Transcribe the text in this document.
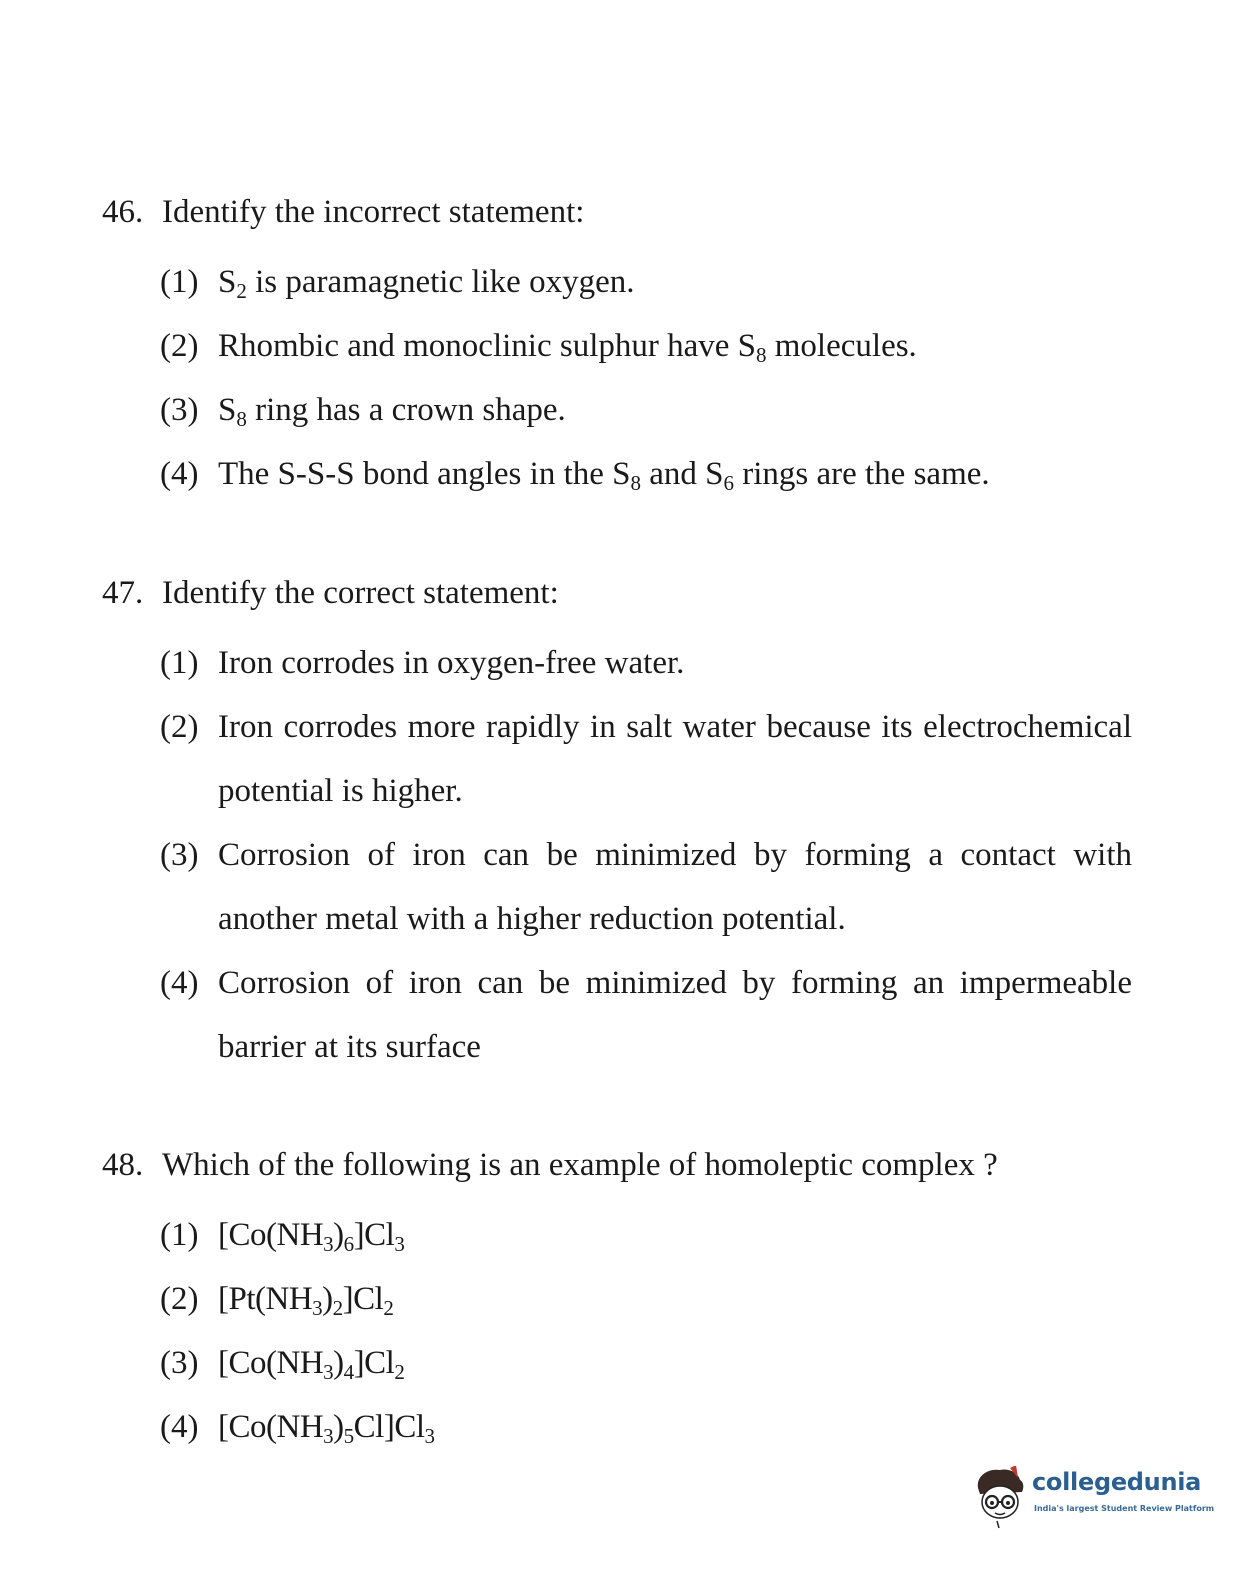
46. Identify the incorrect statement:
(1) $S_2$ is paramagnetic like oxygen.
(2) Rhombic and monoclinic sulphur have $S_8$ molecules.
(3) $S_8$ ring has a crown shape.
(4) The S-S-S bond angles in the $S_8$ and $S_6$ rings are the same.
47. Identify the correct statement:
(1) Iron corrodes in oxygen-free water.
(2) Iron corrodes more rapidly in salt water because its electrochemical potential is higher.
(3) Corrosion of iron can be minimized by forming a contact with another metal with a higher reduction potential.
(4) Corrosion of iron can be minimized by forming an impermeable barrier at its surface
48. Which of the following is an example of homoleptic complex ?
(1) $[Co(NH_3)_6]Cl_3$
(2) $[Pt(NH_3)_2]Cl_2$
(3) $[Co(NH_3)_4]Cl_2$
(4) $[Co(NH_3)_5Cl]Cl_3$
collegedunia
India's largest Student Review Platform
